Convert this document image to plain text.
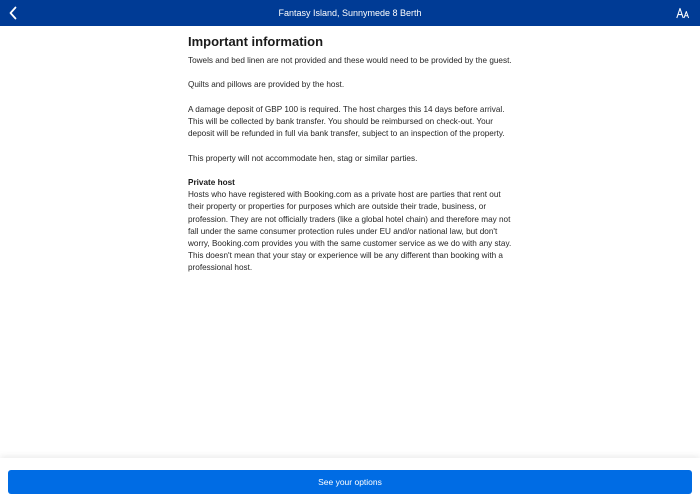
Fantasy Island, Sunnymede 8 Berth
Important information

Towels and bed linen are not provided and these would need to be provided by the guest.

Quilts and pillows are provided by the host.

A damage deposit of GBP 100 is required. The host charges this 14 days before arrival. This will be collected by bank transfer. You should be reimbursed on check-out. Your deposit will be refunded in full via bank transfer, subject to an inspection of the property.

This property will not accommodate hen, stag or similar parties.

Private host

Hosts who have registered with Booking.com as a private host are parties that rent out their property or properties for purposes which are outside their trade, business, or profession. They are not officially traders (like a global hotel chain) and therefore may not fall under the same consumer protection rules under EU and/or national law, but don't worry, Booking.com provides you with the same customer service as we do with any stay. This doesn't mean that your stay or experience will be any different than booking with a professional host.

See your options
